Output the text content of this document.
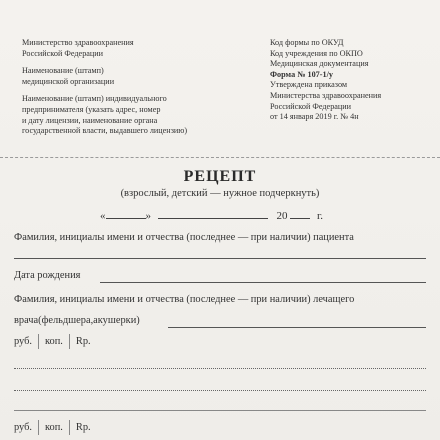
Министерство здравоохранения
Российской Федерации
Наименование (штамп)
медицинской организации
Наименование (штамп) индивидуального
предпринимателя (указать адрес, номер
и дату лицензии, наименование органа
государственной власти, выдавшего лицензию)
Код формы по ОКУД
Код учреждения по ОКПО
Медицинская документация
Форма № 107-1/у
Утверждена приказом
Министерства здравоохранения
Российской Федерации
от 14 января 2019 г. № 4н
РЕЦЕПТ
(взрослый, детский — нужное подчеркнуть)
«	»	20	г.
Фамилия, инициалы имени и отчества (последнее — при наличии) пациента
Дата рождения
Фамилия, инициалы имени и отчества (последнее — при наличии) лечащего
врача(фельдшера,акушерки)
руб. коп. Rp.
руб. коп. Rp.
